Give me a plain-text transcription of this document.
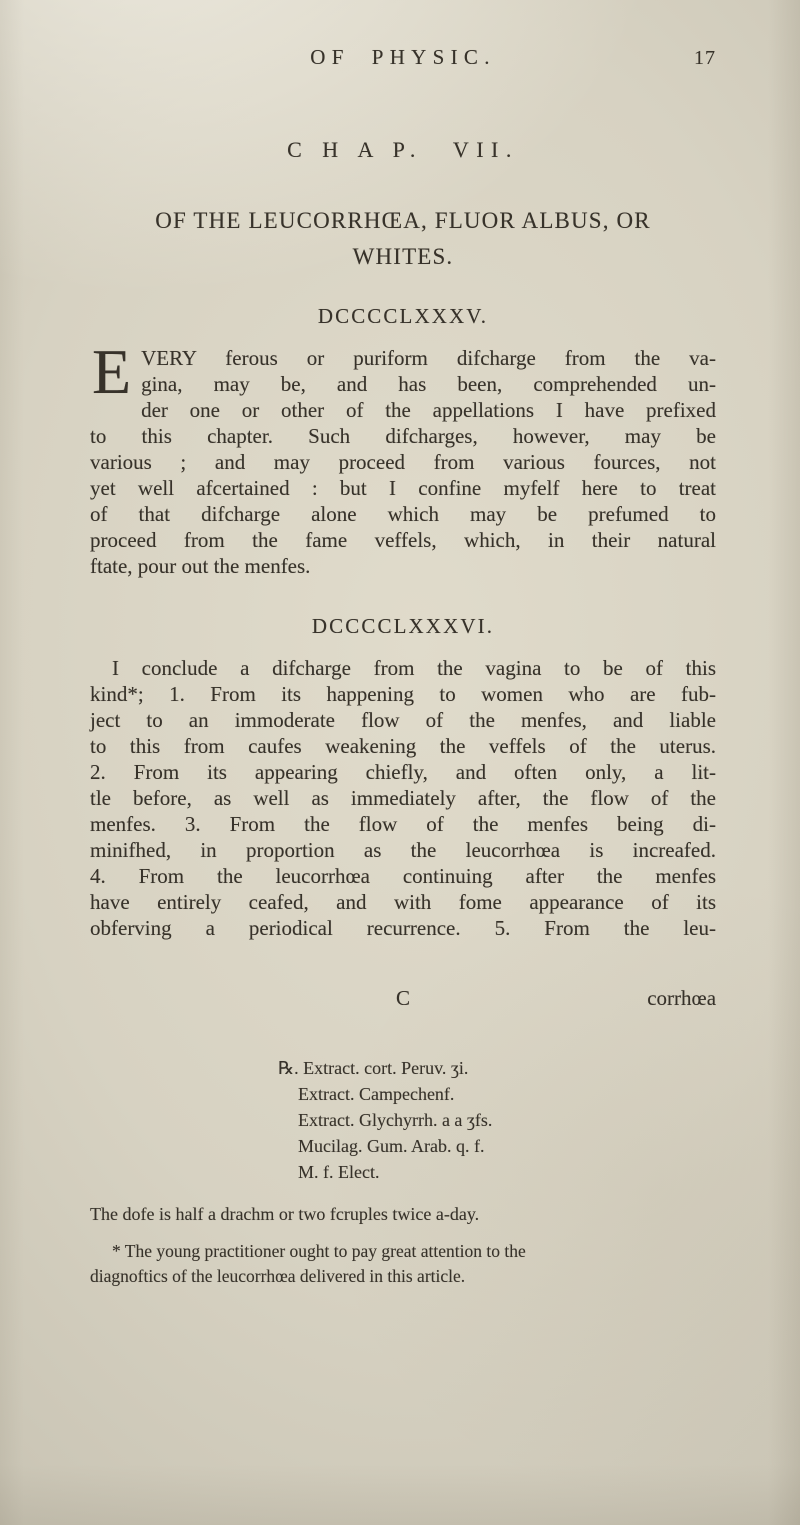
OF PHYSIC.	17
C H A P. VII.
OF THE LEUCORRHŒA, FLUOR ALBUS, OR
WHITES.
DCCCCLXXXV.
E VERY ferous or puriform difcharge from the va-
gina, may be, and has been, comprehended un-
der one or other of the appellations I have prefixed
to this chapter. Such difcharges, however, may be
various ; and may proceed from various fources, not
yet well afcertained : but I confine myfelf here to treat
of that difcharge alone which may be prefumed to
proceed from the fame veffels, which, in their natural
ftate, pour out the menfes.
DCCCCLXXXVI.
I conclude a difcharge from the vagina to be of this
kind*; 1. From its happening to women who are fub-
ject to an immoderate flow of the menfes, and liable
to this from caufes weakening the veffels of the uterus.
2. From its appearing chiefly, and often only, a lit-
tle before, as well as immediately after, the flow of the
menfes. 3. From the flow of the menfes being di-
minifhed, in proportion as the leucorrhœa is increafed.
4. From the leucorrhœa continuing after the menfes
have entirely ceafed, and with fome appearance of its
obferving a periodical recurrence. 5. From the leu-
C	corrhœa
℞. Extract. cort. Peruv. ʒi.
Extract. Campechenf.
Extract. Glychyrrh. a a ʒfs.
Mucilag. Gum. Arab. q. f.
M. f. Elect.
The dofe is half a drachm or two fcruples twice a-day.
* The young practitioner ought to pay great attention to the
diagnoftics of the leucorrhœa delivered in this article.
